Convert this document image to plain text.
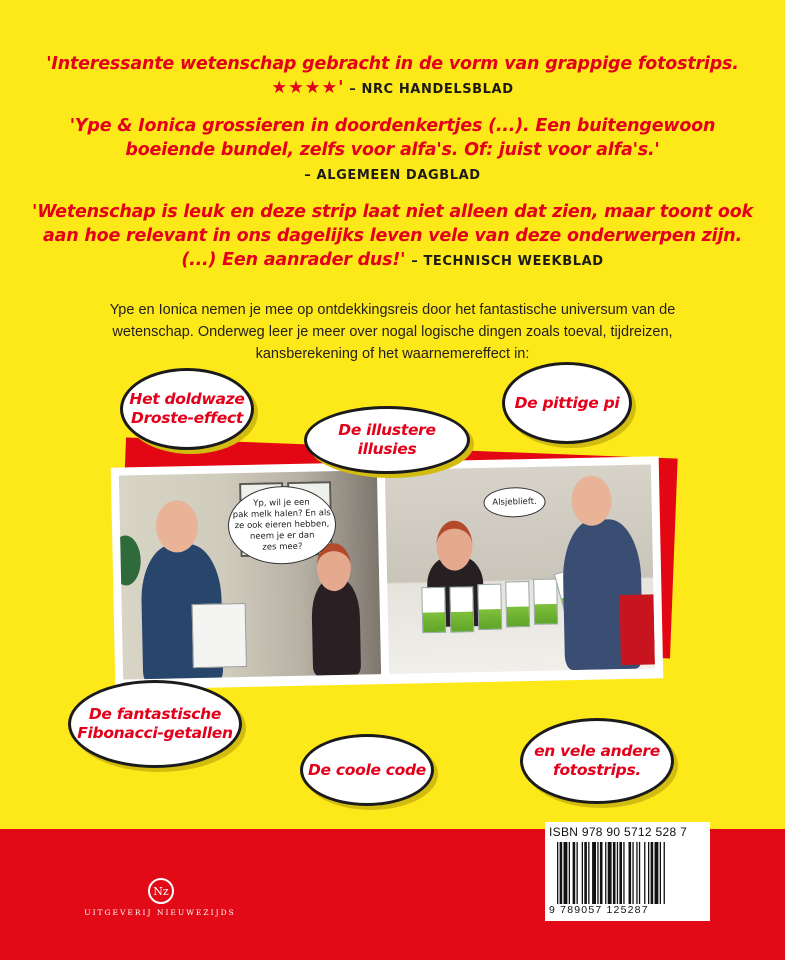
'Interessante wetenschap gebracht in de vorm van grappige fotostrips.
★★★★' – NRC HANDELSBLAD

'Ype & Ionica grossieren in doordenkertjes (...). Een buitengewoon
boeiende bundel, zelfs voor alfa's. Of: juist voor alfa's.'
– ALGEMEEN DAGBLAD

'Wetenschap is leuk en deze strip laat niet alleen dat zien, maar toont ook
aan hoe relevant in ons dagelijks leven vele van deze onderwerpen zijn.
(...) Een aanrader dus!' – TECHNISCH WEEKBLAD

Ype en Ionica nemen je mee op ontdekkingsreis door het fantastische universum van de
wetenschap. Onderweg leer je meer over nogal logische dingen zoals toeval, tijdreizen,
kansberekening of het waarnemereffect in:
Yp, wil je een
pak melk halen? En als
ze ook eieren hebben,
neem je er dan
zes mee?
Alsjeblieft.
Het doldwaze
Droste-effect
De illustere illusies
De pittige pi
De fantastische
Fibonacci-getallen
De coole code
en vele andere
fotostrips.
Nz
UITGEVERIJ NIEUWEZIJDS
ISBN 978 90 5712 528 7
9 789057 125287
